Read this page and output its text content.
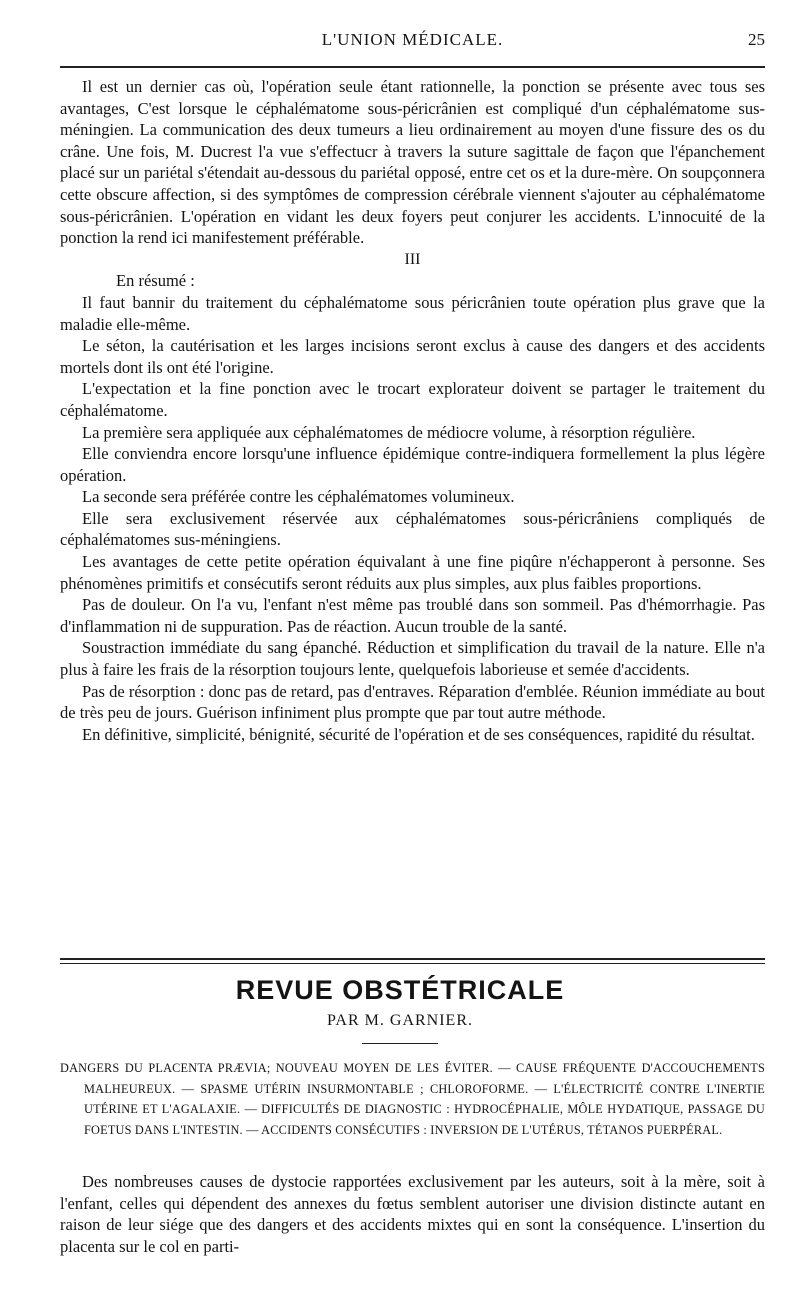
L'UNION MÉDICALE.	25

Il est un dernier cas où, l'opération seule étant rationnelle, la ponction se présente avec tous ses avantages, C'est lorsque le céphalématome sous-péricrânien est compliqué d'un céphalématome sus-méningien. La communication des deux tumeurs a lieu ordinairement au moyen d'une fissure des os du crâne. Une fois, M. Ducrest l'a vue s'effectucr à travers la suture sagittale de façon que l'épanchement placé sur un pariétal s'étendait au-dessous du pariétal opposé, entre cet os et la dure-mère. On soupçonnera cette obscure affection, si des symptômes de compression cérébrale viennent s'ajouter au céphalématome sous-péricrânien. L'opération en vidant les deux foyers peut conjurer les accidents. L'innocuité de la ponction la rend ici manifestement préférable.

III
En résumé :

Il faut bannir du traitement du céphalématome sous péricrânien toute opération plus grave que la maladie elle-même.

Le séton, la cautérisation et les larges incisions seront exclus à cause des dangers et des accidents mortels dont ils ont été l'origine.

L'expectation et la fine ponction avec le trocart explorateur doivent se partager le traitement du céphalématome.

La première sera appliquée aux céphalématomes de médiocre volume, à résorption régulière.

Elle conviendra encore lorsqu'une influence épidémique contre-indiquera formellement la plus légère opération.

La seconde sera préférée contre les céphalématomes volumineux.

Elle sera exclusivement réservée aux céphalématomes sous-péricrâniens compliqués de céphalématomes sus-méningiens.

Les avantages de cette petite opération équivalant à une fine piqûre n'échapperont à personne. Ses phénomènes primitifs et consécutifs seront réduits aux plus simples, aux plus faibles proportions.

Pas de douleur. On l'a vu, l'enfant n'est même pas troublé dans son sommeil. Pas d'hémorrhagie. Pas d'inflammation ni de suppuration. Pas de réaction. Aucun trouble de la santé.

Soustraction immédiate du sang épanché. Réduction et simplification du travail de la nature. Elle n'a plus à faire les frais de la résorption toujours lente, quelquefois laborieuse et semée d'accidents.

Pas de résorption : donc pas de retard, pas d'entraves. Réparation d'emblée. Réunion immédiate au bout de très peu de jours. Guérison infiniment plus prompte que par tout autre méthode.

En définitive, simplicité, bénignité, sécurité de l'opération et de ses conséquences, rapidité du résultat.

REVUE OBSTÉTRICALE
PAR M. GARNIER.

DANGERS DU PLACENTA PRÆVIA; NOUVEAU MOYEN DE LES ÉVITER. — CAUSE FRÉQUENTE D'ACCOUCHEMENTS MALHEUREUX. — SPASME UTÉRIN INSURMONTABLE ; CHLOROFORME. — L'ÉLECTRICITÉ CONTRE L'INERTIE UTÉRINE ET L'AGALAXIE. — DIFFICULTÉS DE DIAGNOSTIC : HYDROCÉPHALIE, MÔLE HYDATIQUE, PASSAGE DU FOETUS DANS L'INTESTIN. — ACCIDENTS CONSÉCUTIFS : INVERSION DE L'UTÉRUS, TÉTANOS PUERPÉRAL.

Des nombreuses causes de dystocie rapportées exclusivement par les auteurs, soit à la mère, soit à l'enfant, celles qui dépendent des annexes du fœtus semblent autoriser une division distincte autant en raison de leur siége que des dangers et des accidents mixtes qui en sont la conséquence. L'insertion du placenta sur le col en parti-
